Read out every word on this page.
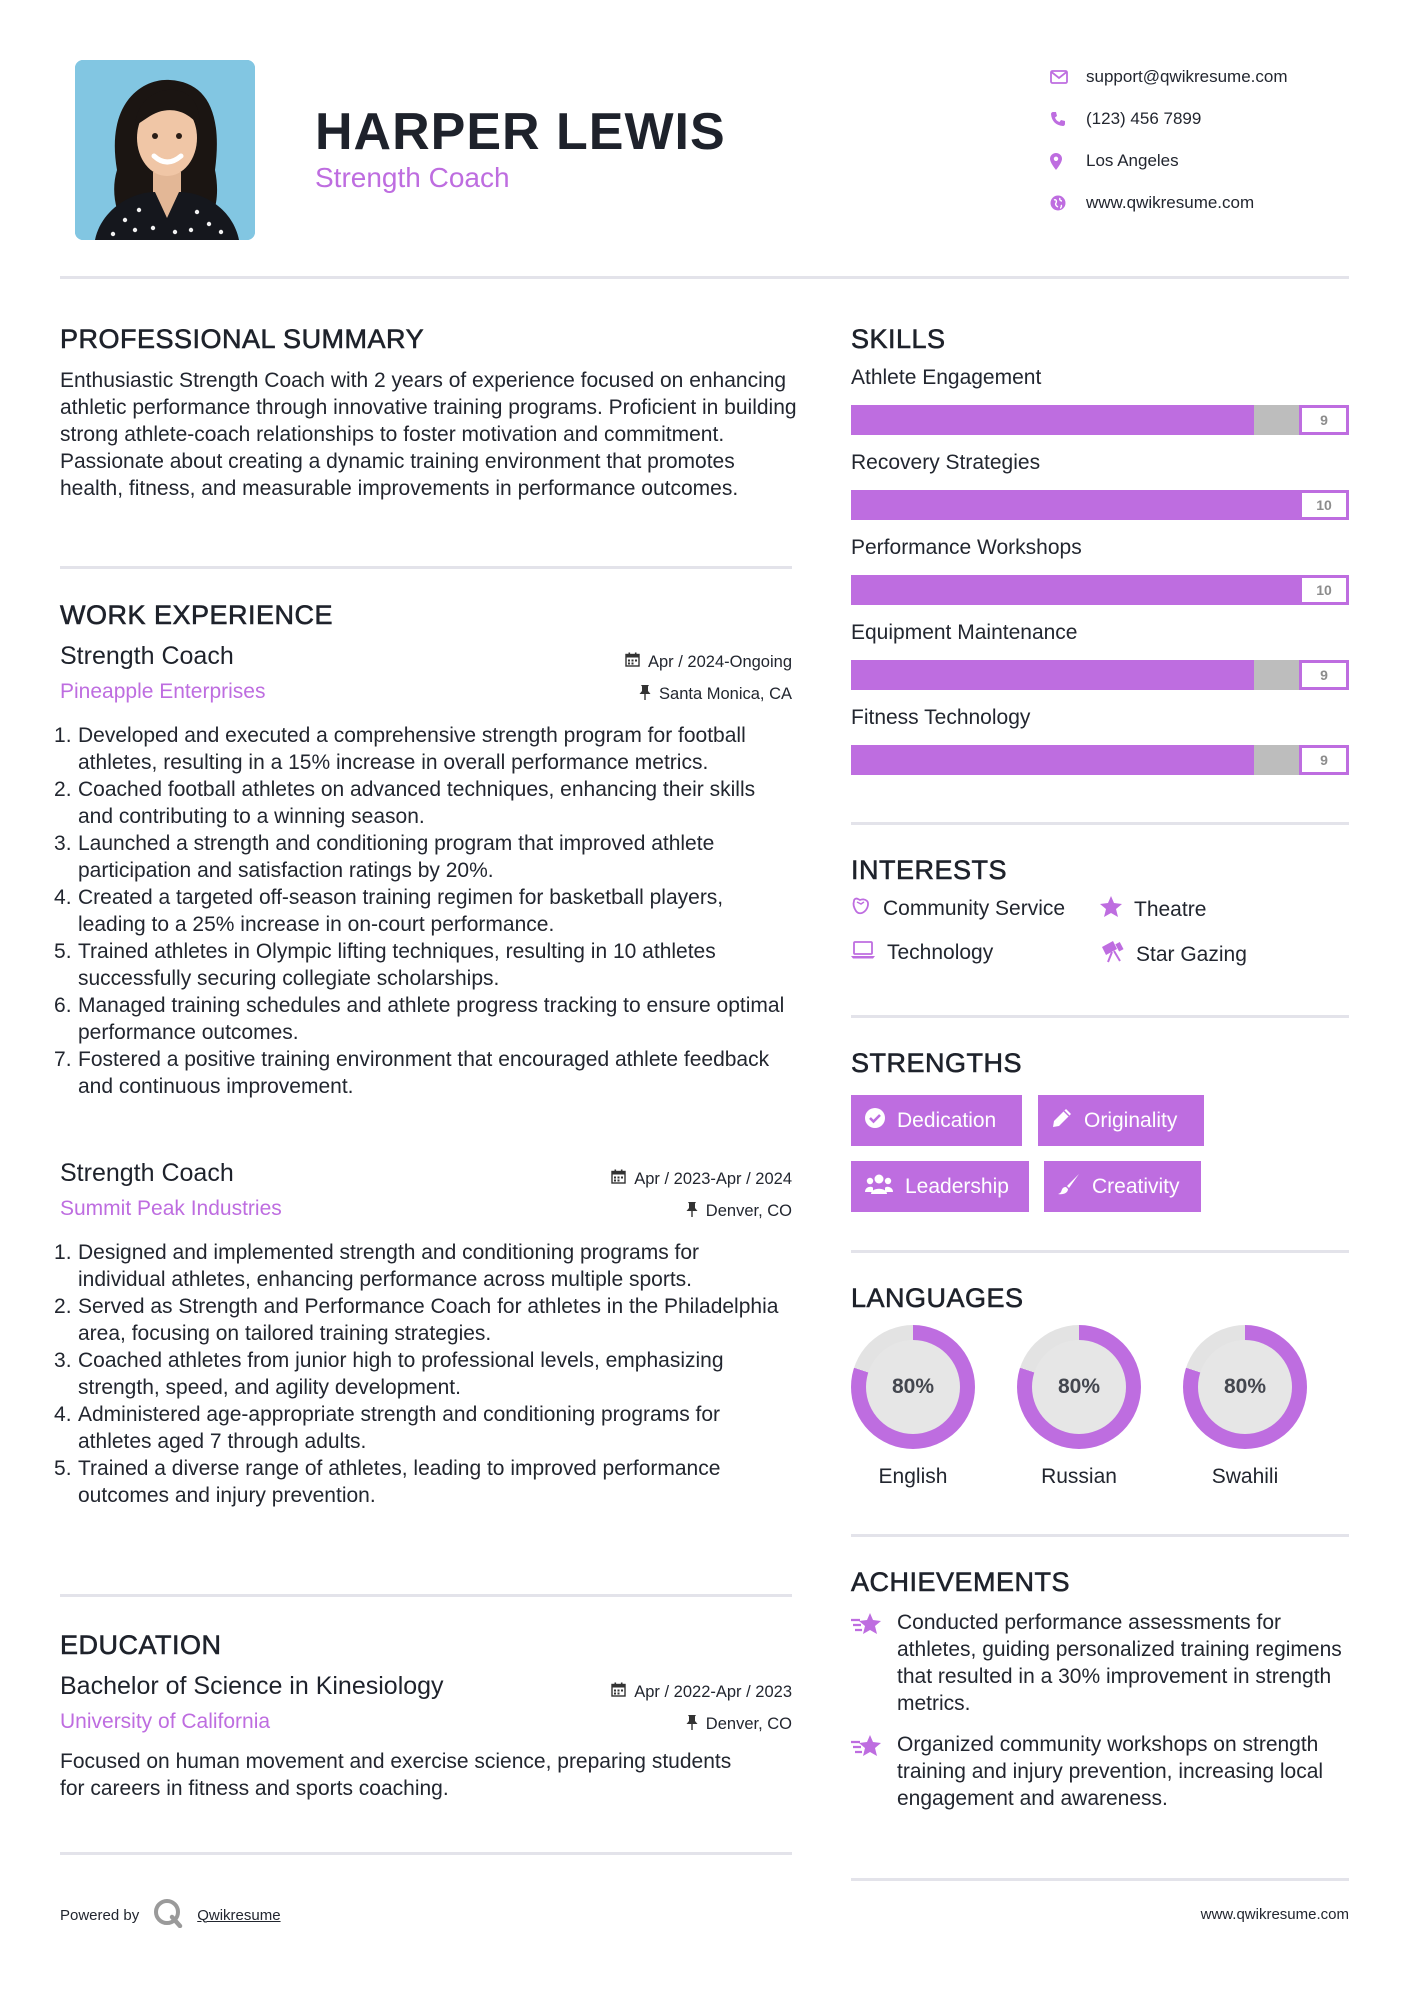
HARPER LEWIS
Strength Coach
support@qwikresume.com
(123) 456 7899
Los Angeles
www.qwikresume.com
PROFESSIONAL SUMMARY
Enthusiastic Strength Coach with 2 years of experience focused on enhancing athletic performance through innovative training programs. Proficient in building strong athlete-coach relationships to foster motivation and commitment. Passionate about creating a dynamic training environment that promotes health, fitness, and measurable improvements in performance outcomes.
WORK EXPERIENCE
Strength Coach	Apr / 2024-Ongoing
Pineapple Enterprises	Santa Monica, CA
Developed and executed a comprehensive strength program for football athletes, resulting in a 15% increase in overall performance metrics.
Coached football athletes on advanced techniques, enhancing their skills and contributing to a winning season.
Launched a strength and conditioning program that improved athlete participation and satisfaction ratings by 20%.
Created a targeted off-season training regimen for basketball players, leading to a 25% increase in on-court performance.
Trained athletes in Olympic lifting techniques, resulting in 10 athletes successfully securing collegiate scholarships.
Managed training schedules and athlete progress tracking to ensure optimal performance outcomes.
Fostered a positive training environment that encouraged athlete feedback and continuous improvement.
Strength Coach	Apr / 2023-Apr / 2024
Summit Peak Industries	Denver, CO
Designed and implemented strength and conditioning programs for individual athletes, enhancing performance across multiple sports.
Served as Strength and Performance Coach for athletes in the Philadelphia area, focusing on tailored training strategies.
Coached athletes from junior high to professional levels, emphasizing strength, speed, and agility development.
Administered age-appropriate strength and conditioning programs for athletes aged 7 through adults.
Trained a diverse range of athletes, leading to improved performance outcomes and injury prevention.
EDUCATION
Bachelor of Science in Kinesiology	Apr / 2022-Apr / 2023
University of California	Denver, CO
Focused on human movement and exercise science, preparing students for careers in fitness and sports coaching.
SKILLS
Athlete Engagement
9
Recovery Strategies
10
Performance Workshops
10
Equipment Maintenance
9
Fitness Technology
9
INTERESTS
Community Service	Theatre
Technology	Star Gazing
STRENGTHS
Dedication	Originality
Leadership	Creativity
LANGUAGES
80%
English
80%
Russian
80%
Swahili
ACHIEVEMENTS
Conducted performance assessments for athletes, guiding personalized training regimens that resulted in a 30% improvement in strength metrics.
Organized community workshops on strength training and injury prevention, increasing local engagement and awareness.
Powered by	Qwikresume	www.qwikresume.com
